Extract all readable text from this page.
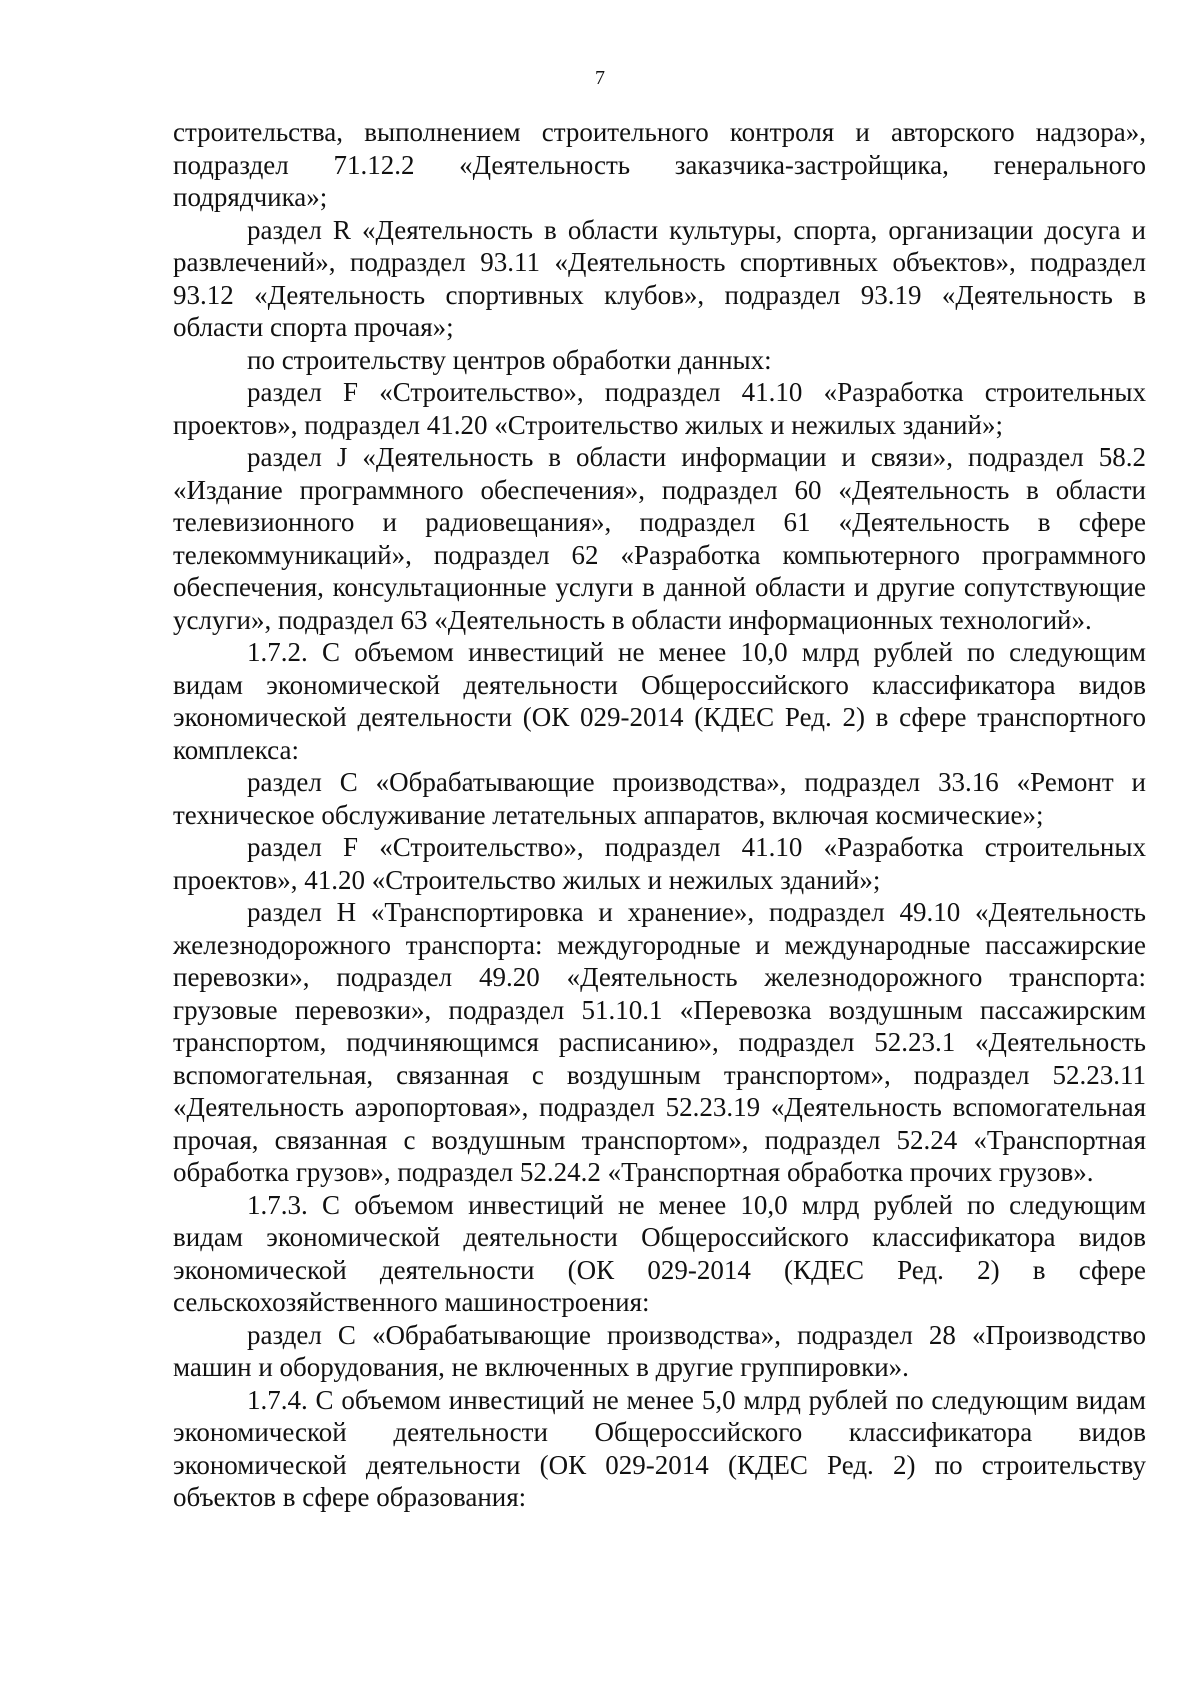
7

строительства, выполнением строительного контроля и авторского надзора», подраздел 71.12.2 «Деятельность заказчика-застройщика, генерального подрядчика»;

раздел R «Деятельность в области культуры, спорта, организации досуга и развлечений», подраздел 93.11 «Деятельность спортивных объектов», подраздел 93.12 «Деятельность спортивных клубов», подраздел 93.19 «Деятельность в области спорта прочая»;

по строительству центров обработки данных:

раздел F «Строительство», подраздел 41.10 «Разработка строительных проектов», подраздел 41.20 «Строительство жилых и нежилых зданий»;

раздел J «Деятельность в области информации и связи», подраздел 58.2 «Издание программного обеспечения», подраздел 60 «Деятельность в области телевизионного и радиовещания», подраздел 61 «Деятельность в сфере телекоммуникаций», подраздел 62 «Разработка компьютерного программного обеспечения, консультационные услуги в данной области и другие сопутствующие услуги», подраздел 63 «Деятельность в области информационных технологий».

1.7.2. С объемом инвестиций не менее 10,0 млрд рублей по следующим видам экономической деятельности Общероссийского классификатора видов экономической деятельности (ОК 029-2014 (КДЕС Ред. 2) в сфере транспортного комплекса:

раздел С «Обрабатывающие производства», подраздел 33.16 «Ремонт и техническое обслуживание летательных аппаратов, включая космические»;

раздел F «Строительство», подраздел 41.10 «Разработка строительных проектов», 41.20 «Строительство жилых и нежилых зданий»;

раздел Н «Транспортировка и хранение», подраздел 49.10 «Деятельность железнодорожного транспорта: междугородные и международные пассажирские перевозки», подраздел 49.20 «Деятельность железнодорожного транспорта: грузовые перевозки», подраздел 51.10.1 «Перевозка воздушным пассажирским транспортом, подчиняющимся расписанию», подраздел 52.23.1 «Деятельность вспомогательная, связанная с воздушным транспортом», подраздел 52.23.11 «Деятельность аэропортовая», подраздел 52.23.19 «Деятельность вспомогательная прочая, связанная с воздушным транспортом», подраздел 52.24 «Транспортная обработка грузов», подраздел 52.24.2 «Транспортная обработка прочих грузов».

1.7.3. С объемом инвестиций не менее 10,0 млрд рублей по следующим видам экономической деятельности Общероссийского классификатора видов экономической деятельности (ОК 029-2014 (КДЕС Ред. 2) в сфере сельскохозяйственного машиностроения:

раздел С «Обрабатывающие производства», подраздел 28 «Производство машин и оборудования, не включенных в другие группировки».

1.7.4. С объемом инвестиций не менее 5,0 млрд рублей по следующим видам экономической деятельности Общероссийского классификатора видов экономической деятельности (ОК 029-2014 (КДЕС Ред. 2) по строительству объектов в сфере образования:
